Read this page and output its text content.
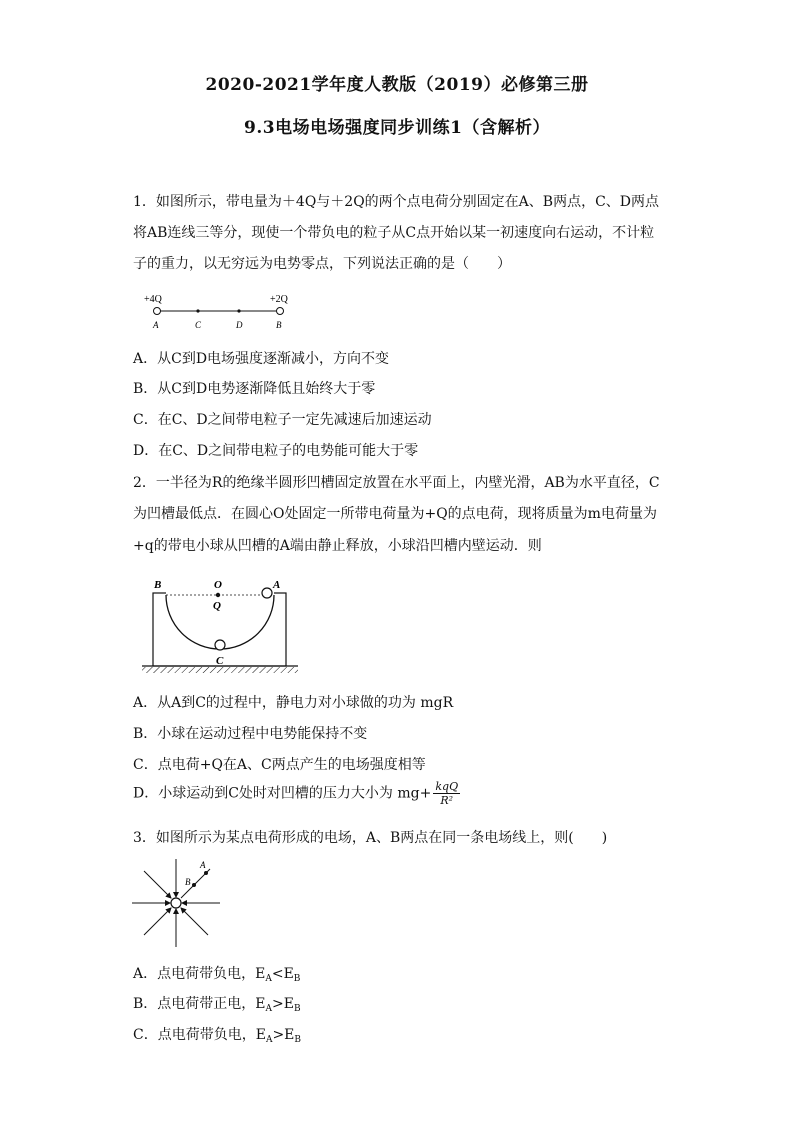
2020-2021学年度人教版（2019）必修第三册
9.3电场电场强度同步训练1（含解析）
1．如图所示，带电量为＋4Q与＋2Q的两个点电荷分别固定在A、B两点，C、D两点
将AB连线三等分，现使一个带负电的粒子从C点开始以某一初速度向右运动，不计粒
子的重力，以无穷远为电势零点，下列说法正确的是（　　）
+4Q	+2Q
A	C	D	B
A．从C到D电场强度逐渐减小，方向不变
B．从C到D电势逐渐降低且始终大于零
C．在C、D之间带电粒子一定先减速后加速运动
D．在C、D之间带电粒子的电势能可能大于零
2．一半径为R的绝缘半圆形凹槽固定放置在水平面上，内壁光滑，AB为水平直径，C
为凹槽最低点．在圆心O处固定一所带电荷量为+Q的点电荷，现将质量为m电荷量为
+q的带电小球从凹槽的A端由静止释放，小球沿凹槽内壁运动．则
B	O	A
Q
C
A．从A到C的过程中，静电力对小球做的功为 mgR
B．小球在运动过程中电势能保持不变
C．点电荷+Q在A、C两点产生的电场强度相等
D．小球运动到C处时对凹槽的压力大小为 $mg+ \frac{\text{kqQ}}{\text{R²}}$
3．如图所示为某点电荷形成的电场，A、B两点在同一条电场线上，则(　　)
B
A
A．点电荷带负电，$E_A<E_B$
B．点电荷带正电，$E_A>E_B$
C．点电荷带负电，$E_A>E_B$
